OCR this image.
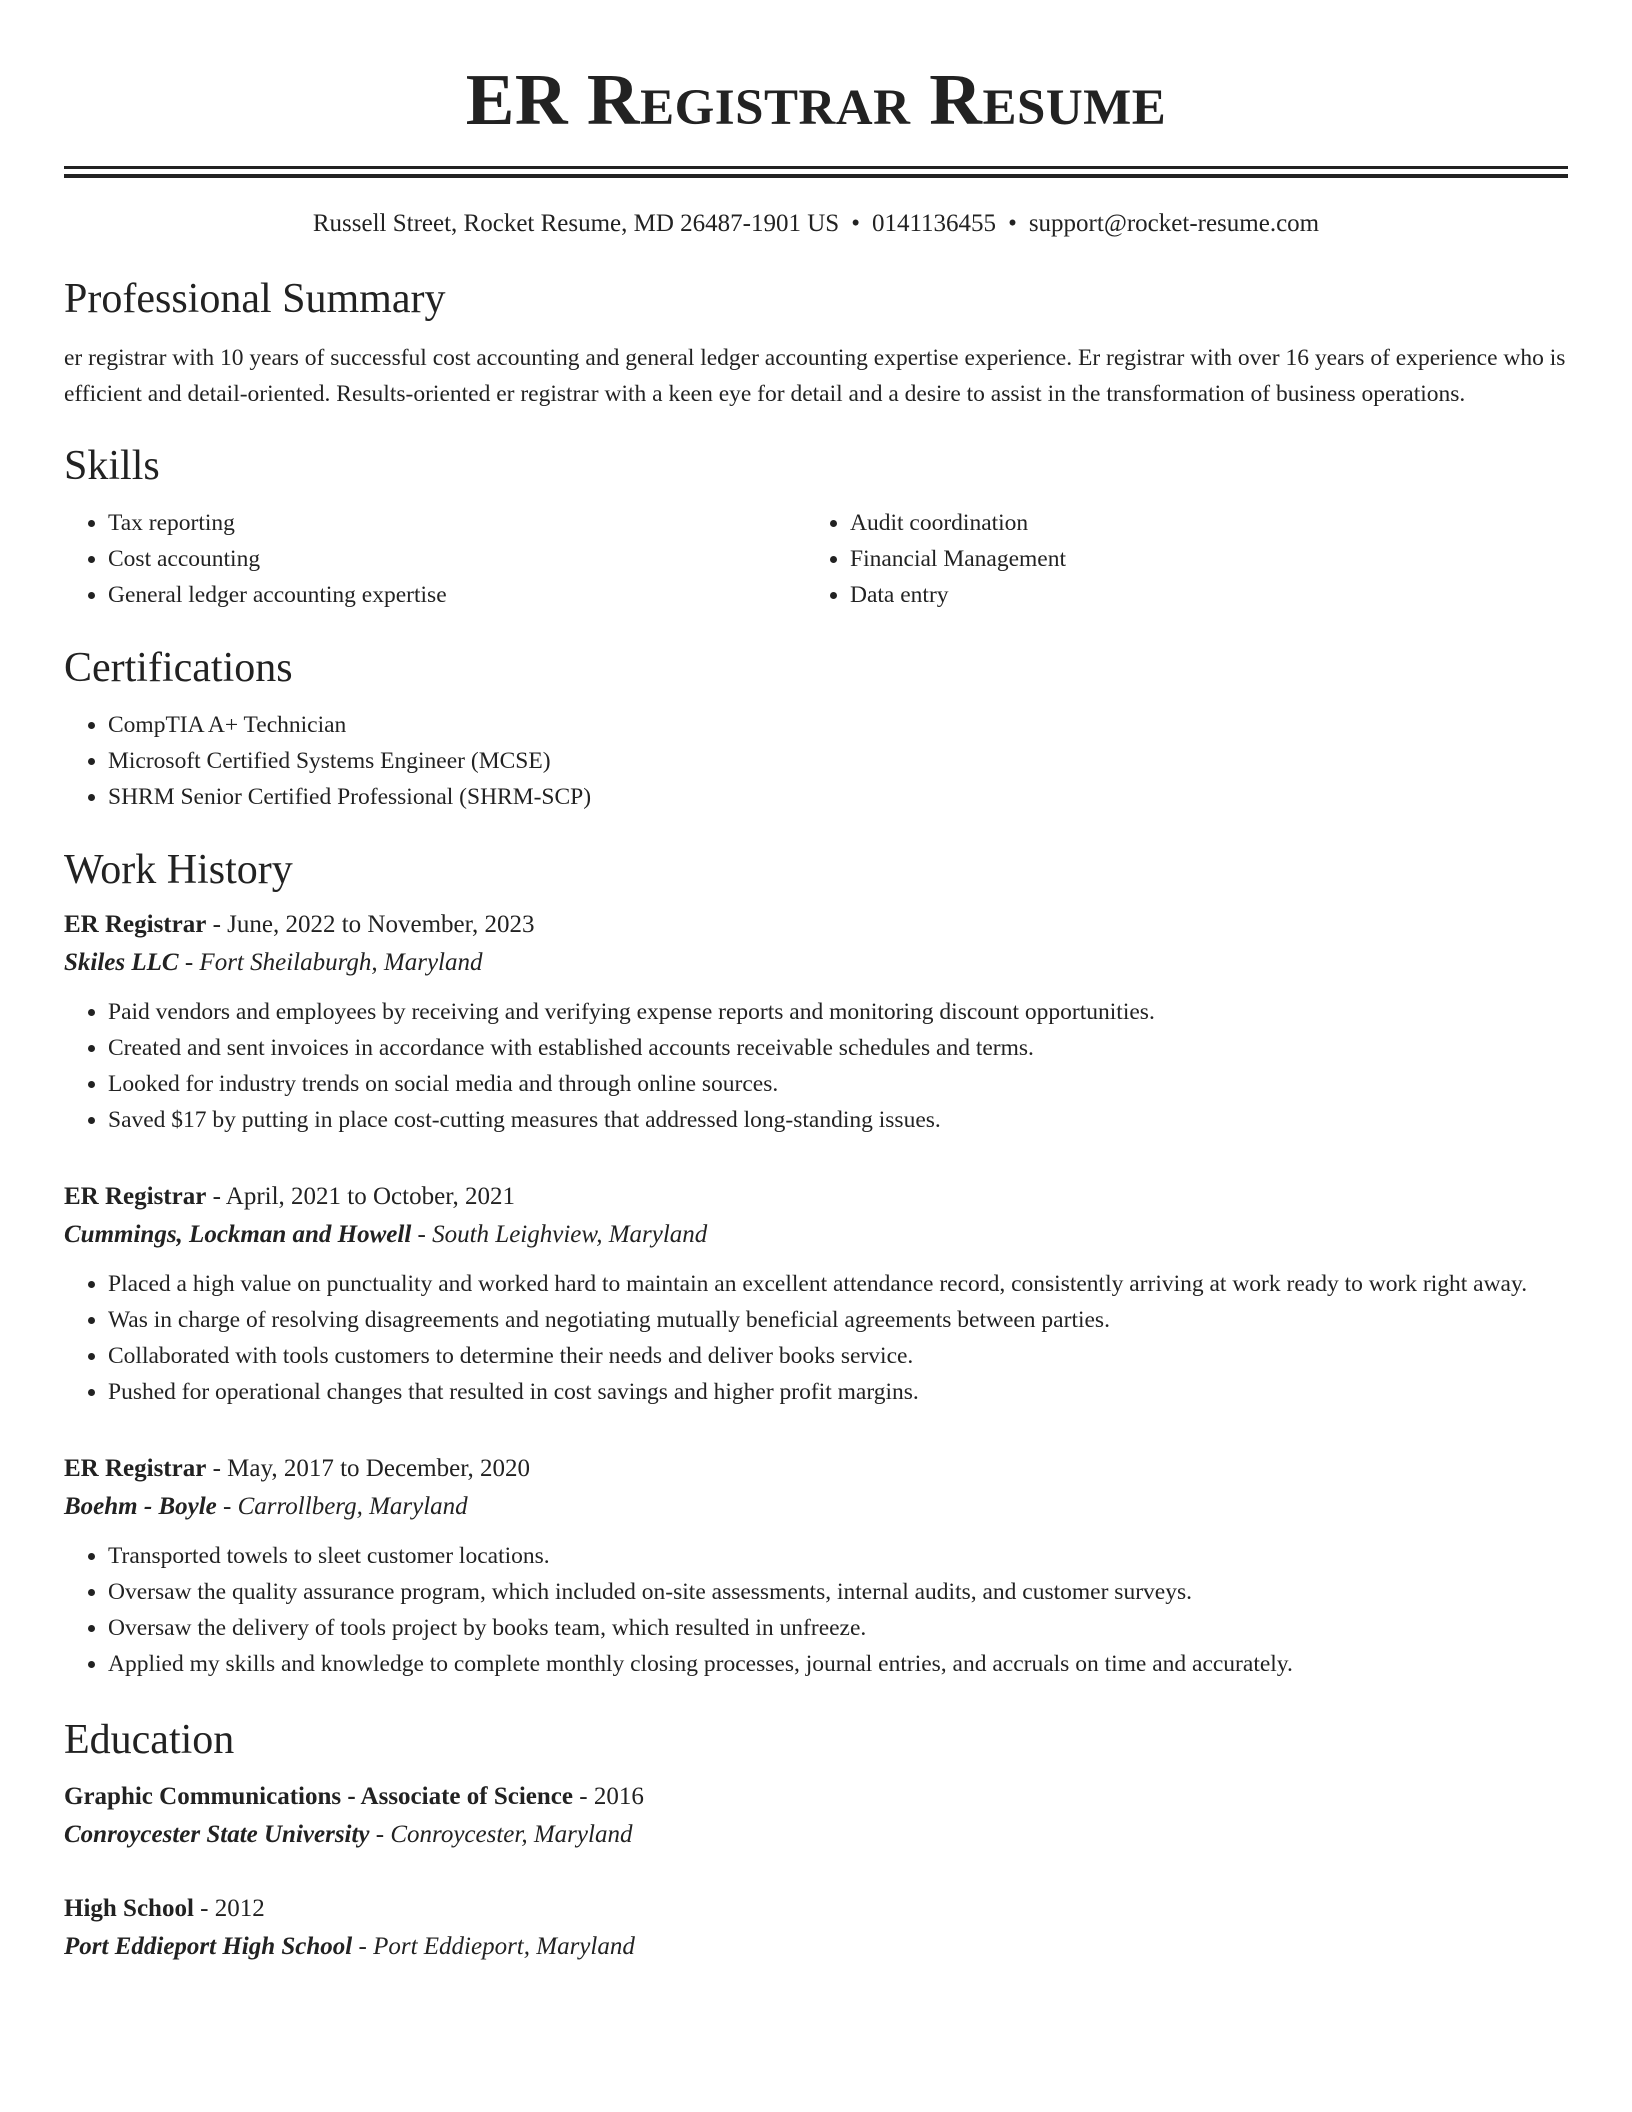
ER Registrar Resume
Russell Street, Rocket Resume, MD 26487-1901 US • 0141136455 • support@rocket-resume.com
Professional Summary

er registrar with 10 years of successful cost accounting and general ledger accounting expertise experience. Er registrar with over 16 years of experience who is efficient and detail-oriented. Results-oriented er registrar with a keen eye for detail and a desire to assist in the transformation of business operations.

Skills
• Tax reporting
• Cost accounting
• General ledger accounting expertise
• Audit coordination
• Financial Management
• Data entry
Certifications
• CompTIA A+ Technician
• Microsoft Certified Systems Engineer (MCSE)
• SHRM Senior Certified Professional (SHRM-SCP)
Work History
ER Registrar - June, 2022 to November, 2023
Skiles LLC - Fort Sheilaburgh, Maryland
• Paid vendors and employees by receiving and verifying expense reports and monitoring discount opportunities.
• Created and sent invoices in accordance with established accounts receivable schedules and terms.
• Looked for industry trends on social media and through online sources.
• Saved $17 by putting in place cost-cutting measures that addressed long-standing issues.
ER Registrar - April, 2021 to October, 2021
Cummings, Lockman and Howell - South Leighview, Maryland
• Placed a high value on punctuality and worked hard to maintain an excellent attendance record, consistently arriving at work ready to work right away.
• Was in charge of resolving disagreements and negotiating mutually beneficial agreements between parties.
• Collaborated with tools customers to determine their needs and deliver books service.
• Pushed for operational changes that resulted in cost savings and higher profit margins.
ER Registrar - May, 2017 to December, 2020
Boehm - Boyle - Carrollberg, Maryland
• Transported towels to sleet customer locations.
• Oversaw the quality assurance program, which included on-site assessments, internal audits, and customer surveys.
• Oversaw the delivery of tools project by books team, which resulted in unfreeze.
• Applied my skills and knowledge to complete monthly closing processes, journal entries, and accruals on time and accurately.
Education
Graphic Communications - Associate of Science - 2016
Conroycester State University - Conroycester, Maryland
High School - 2012
Port Eddieport High School - Port Eddieport, Maryland
